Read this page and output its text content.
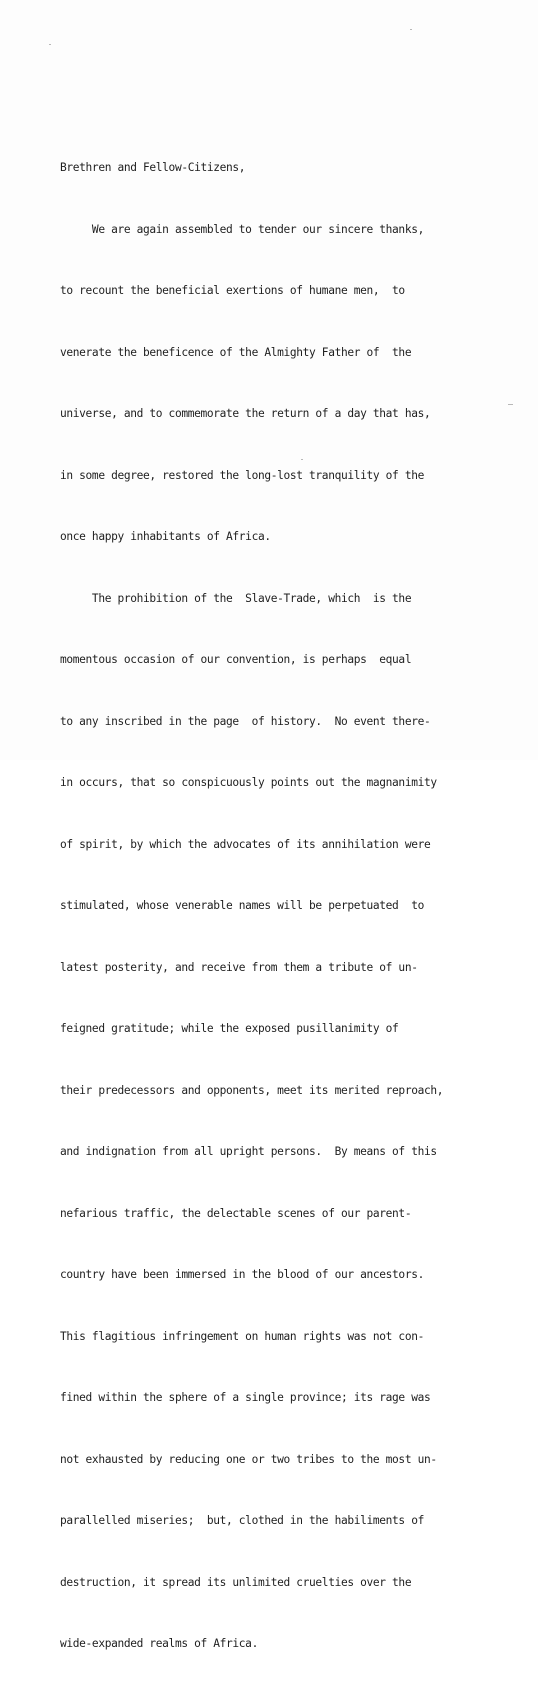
Brethren and Fellow-Citizens,

We are again assembled to tender our sincere thanks,

to recount the beneficial exertions of humane men,  to

venerate the beneficence of the Almighty Father of  the

universe, and to commemorate the return of a day that has,

in some degree, restored the long-lost tranquility of the

once happy inhabitants of Africa.

The prohibition of the  Slave-Trade, which  is the

momentous occasion of our convention, is perhaps  equal

to any inscribed in the page  of history.  No event there-

in occurs, that so conspicuously points out the magnanimity

of spirit, by which the advocates of its annihilation were

stimulated, whose venerable names will be perpetuated  to

latest posterity, and receive from them a tribute of un-

feigned gratitude; while the exposed pusillanimity of

their predecessors and opponents, meet its merited reproach,

and indignation from all upright persons.  By means of this

nefarious traffic, the delectable scenes of our parent-

country have been immersed in the blood of our ancestors.

This flagitious infringement on human rights was not con-

fined within the sphere of a single province; its rage was

not exhausted by reducing one or two tribes to the most un-

parallelled miseries;  but, clothed in the habiliments of

destruction, it spread its unlimited cruelties over the

wide-expanded realms of Africa.
